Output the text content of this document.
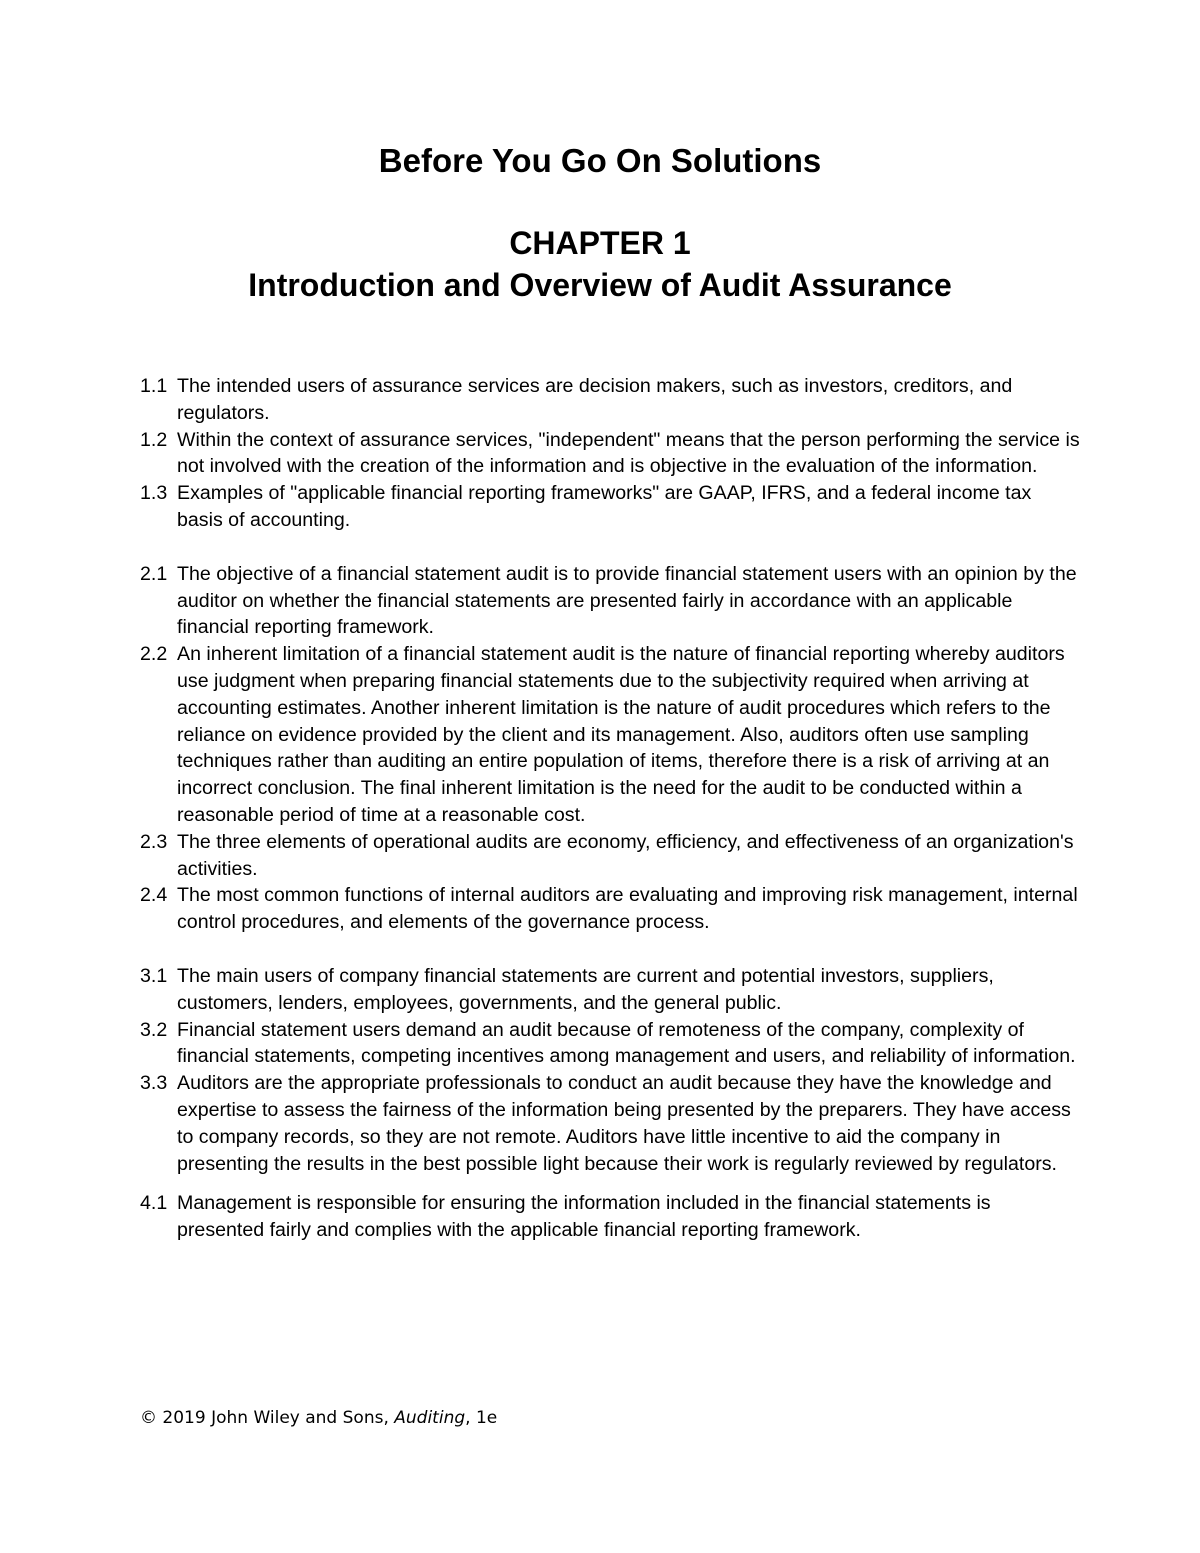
Before You Go On Solutions
CHAPTER 1
Introduction and Overview of Audit Assurance
1.1 The intended users of assurance services are decision makers, such as investors, creditors, and regulators.
1.2 Within the context of assurance services, "independent" means that the person performing the service is not involved with the creation of the information and is objective in the evaluation of the information.
1.3 Examples of "applicable financial reporting frameworks" are GAAP, IFRS, and a federal income tax basis of accounting.
2.1 The objective of a financial statement audit is to provide financial statement users with an opinion by the auditor on whether the financial statements are presented fairly in accordance with an applicable financial reporting framework.
2.2 An inherent limitation of a financial statement audit is the nature of financial reporting whereby auditors use judgment when preparing financial statements due to the subjectivity required when arriving at accounting estimates. Another inherent limitation is the nature of audit procedures which refers to the reliance on evidence provided by the client and its management. Also, auditors often use sampling techniques rather than auditing an entire population of items, therefore there is a risk of arriving at an incorrect conclusion. The final inherent limitation is the need for the audit to be conducted within a reasonable period of time at a reasonable cost.
2.3 The three elements of operational audits are economy, efficiency, and effectiveness of an organization's activities.
2.4 The most common functions of internal auditors are evaluating and improving risk management, internal control procedures, and elements of the governance process.
3.1 The main users of company financial statements are current and potential investors, suppliers, customers, lenders, employees, governments, and the general public.
3.2 Financial statement users demand an audit because of remoteness of the company, complexity of financial statements, competing incentives among management and users, and reliability of information.
3.3 Auditors are the appropriate professionals to conduct an audit because they have the knowledge and expertise to assess the fairness of the information being presented by the preparers. They have access to company records, so they are not remote. Auditors have little incentive to aid the company in presenting the results in the best possible light because their work is regularly reviewed by regulators.
4.1 Management is responsible for ensuring the information included in the financial statements is presented fairly and complies with the applicable financial reporting framework.

© 2019 John Wiley and Sons, Auditing, 1e
